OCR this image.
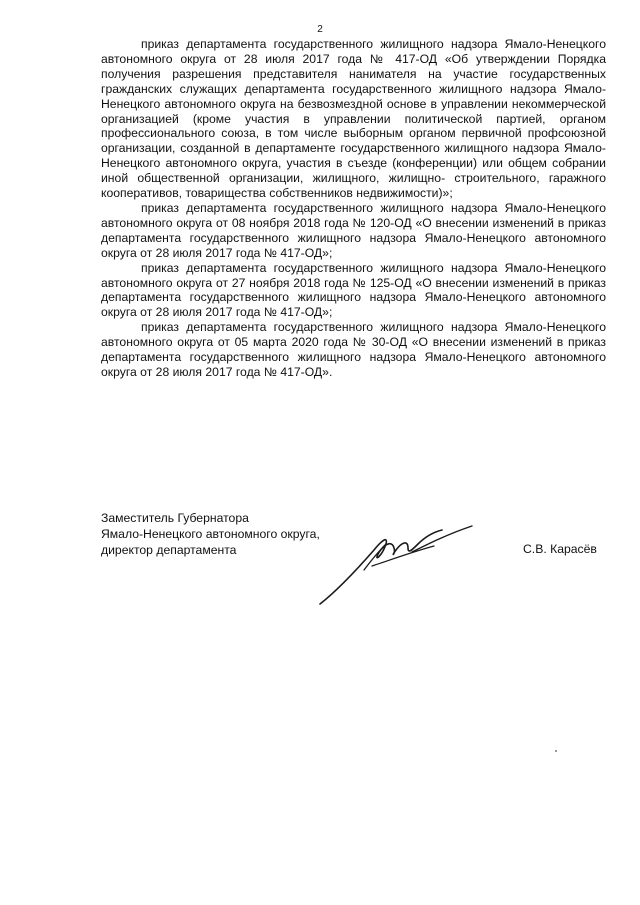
2

приказ департамента государственного жилищного надзора Ямало-Ненецкого автономного округа от 28 июля 2017 года № 417-ОД «Об утверждении Порядка получения разрешения представителя нанимателя на участие государственных гражданских служащих департамента государственного жилищного надзора Ямало-Ненецкого автономного округа на безвозмездной основе в управлении некоммерческой организацией (кроме участия в управлении политической партией, органом профессионального союза, в том числе выборным органом первичной профсоюзной организации, созданной в департаменте государственного жилищного надзора Ямало- Ненецкого автономного округа, участия в съезде (конференции) или общем собрании иной общественной организации, жилищного, жилищно- строительного, гаражного кооперативов, товарищества собственников недвижимости)»;

приказ департамента государственного жилищного надзора Ямало-Ненецкого автономного округа от 08 ноября 2018 года № 120-ОД «О внесении изменений в приказ департамента государственного жилищного надзора Ямало-Ненецкого автономного округа от 28 июля 2017 года № 417-ОД»;

приказ департамента государственного жилищного надзора Ямало-Ненецкого автономного округа от 27 ноября 2018 года № 125-ОД «О внесении изменений в приказ департамента государственного жилищного надзора Ямало-Ненецкого автономного округа от 28 июля 2017 года № 417-ОД»;

приказ департамента государственного жилищного надзора Ямало-Ненецкого автономного округа от 05 марта 2020 года № 30-ОД «О внесении изменений в приказ департамента государственного жилищного надзора Ямало-Ненецкого автономного округа от 28 июля 2017 года № 417-ОД».

Заместитель Губернатора
Ямало-Ненецкого автономного округа,
директор департамента	С.В. Карасёв
